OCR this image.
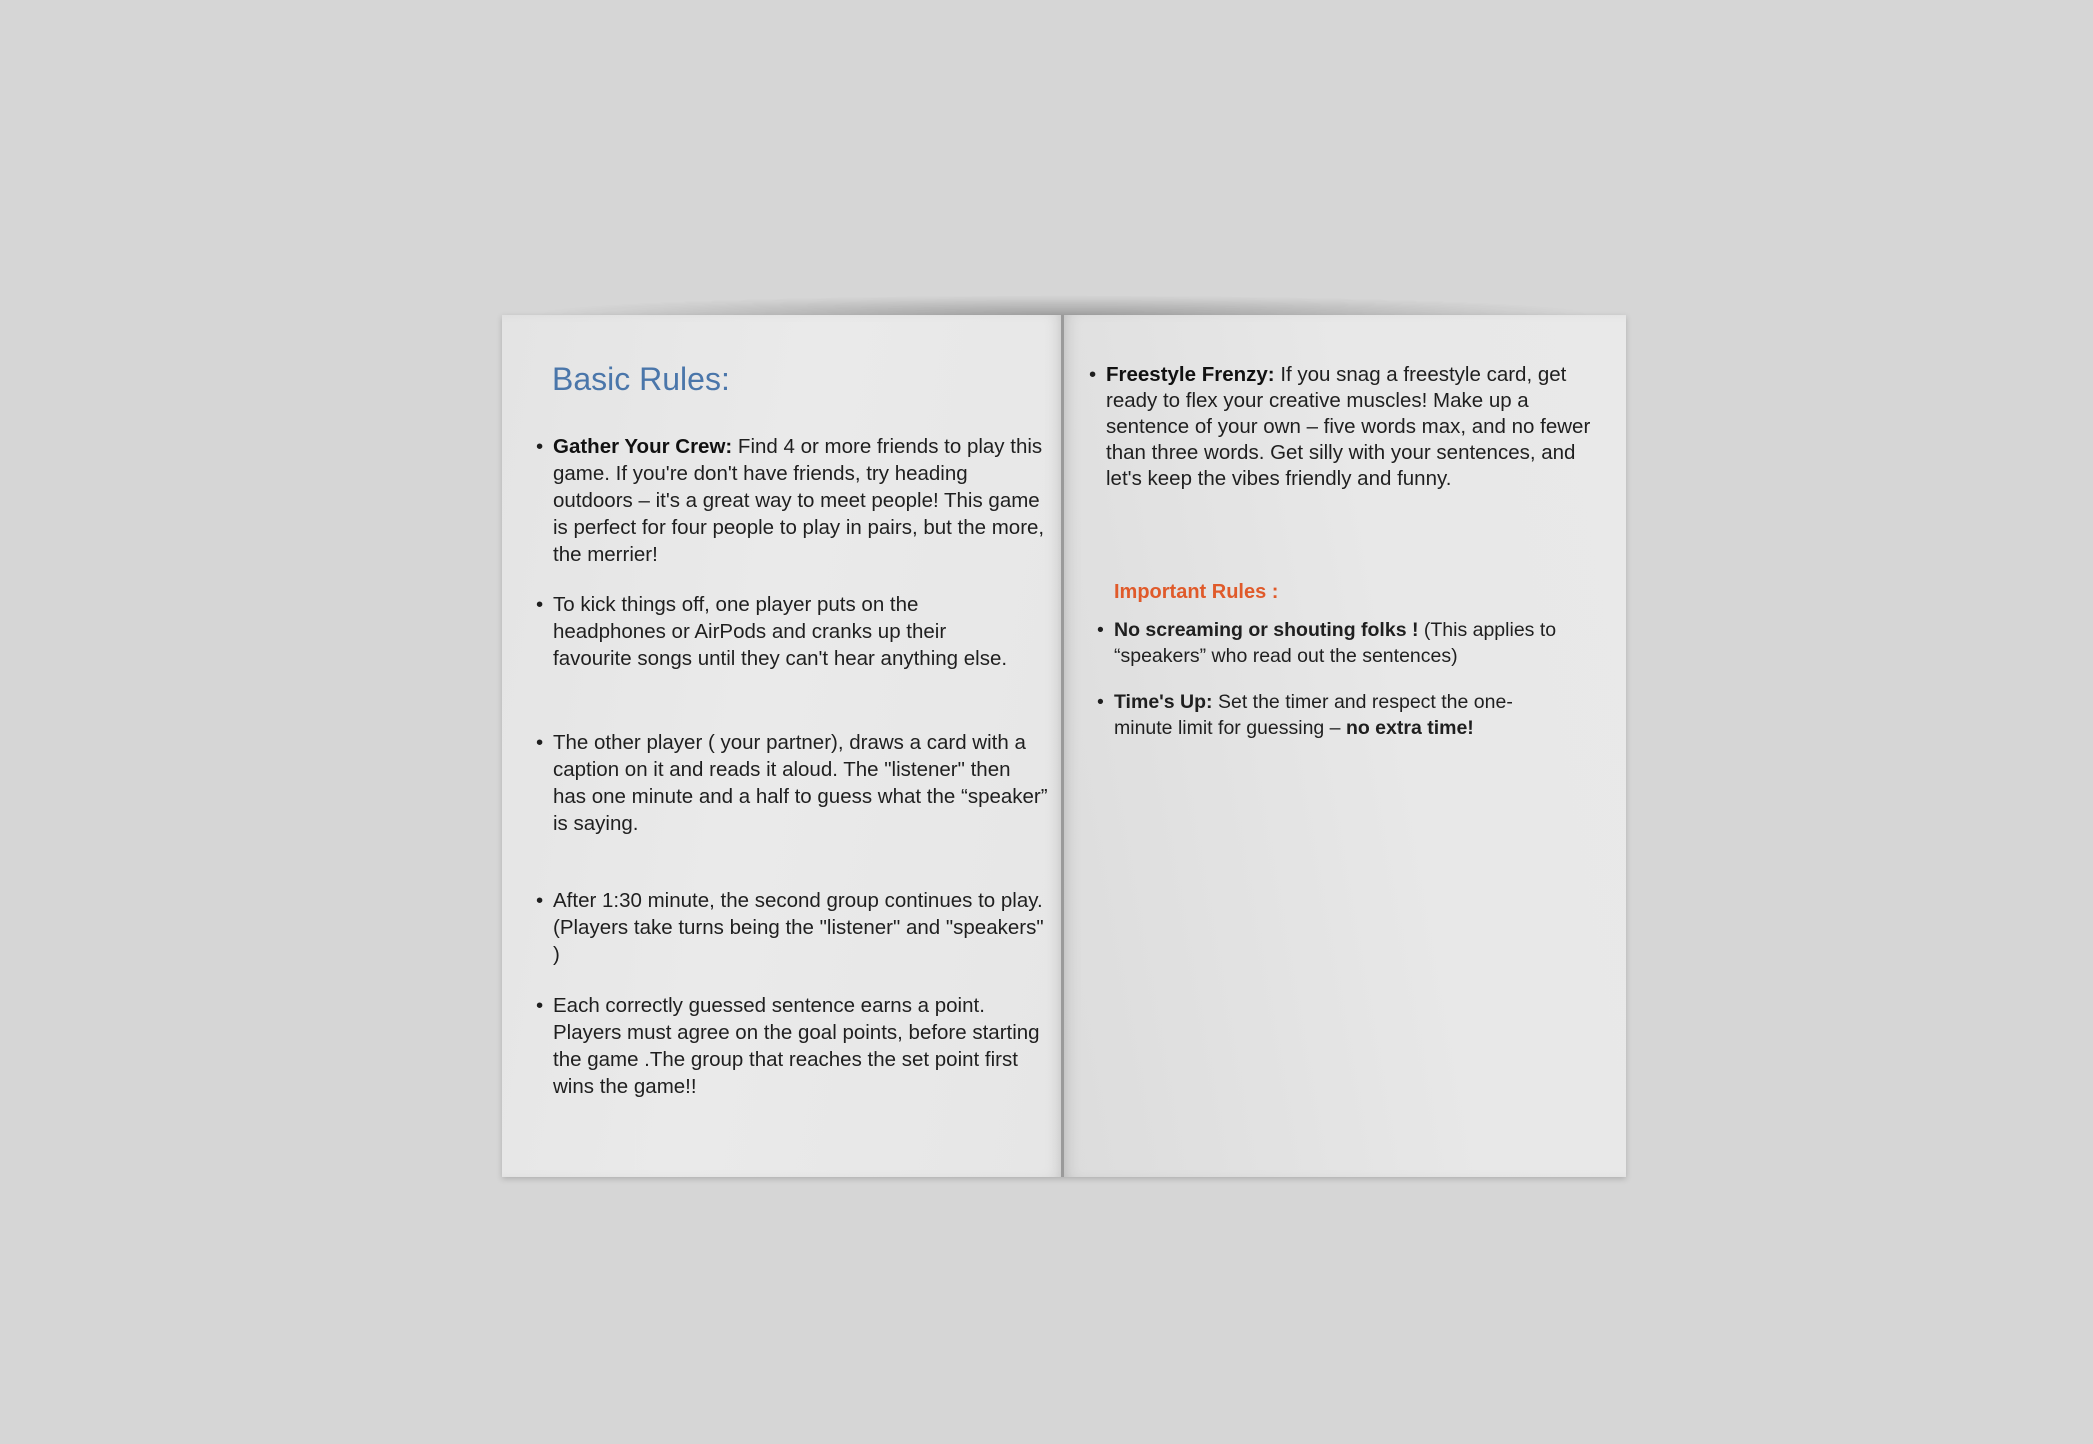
Basic Rules:
• Gather Your Crew: Find 4 or more friends to play this game. If you're don't have friends, try heading outdoors – it's a great way to meet people! This game is perfect for four people to play in pairs, but the more, the merrier!
• To kick things off, one player puts on the headphones or AirPods and cranks up their favourite songs until they can't hear anything else.
• The other player ( your partner), draws a card with a caption on it and reads it aloud. The "listener" then has one minute and a half to guess what the “speaker” is saying.
• After 1:30 minute, the second group continues to play. (Players take turns being the "listener" and "speakers" )
• Each correctly guessed sentence earns a point. Players must agree on the goal points, before starting the game .The group that reaches the set point first wins the game!!
• Freestyle Frenzy: If you snag a freestyle card, get ready to flex your creative muscles! Make up a sentence of your own – five words max, and no fewer than three words. Get silly with your sentences, and let's keep the vibes friendly and funny.
Important Rules :
• No screaming or shouting folks ! (This applies to “speakers” who read out the sentences)
• Time's Up: Set the timer and respect the one-minute limit for guessing – no extra time!
